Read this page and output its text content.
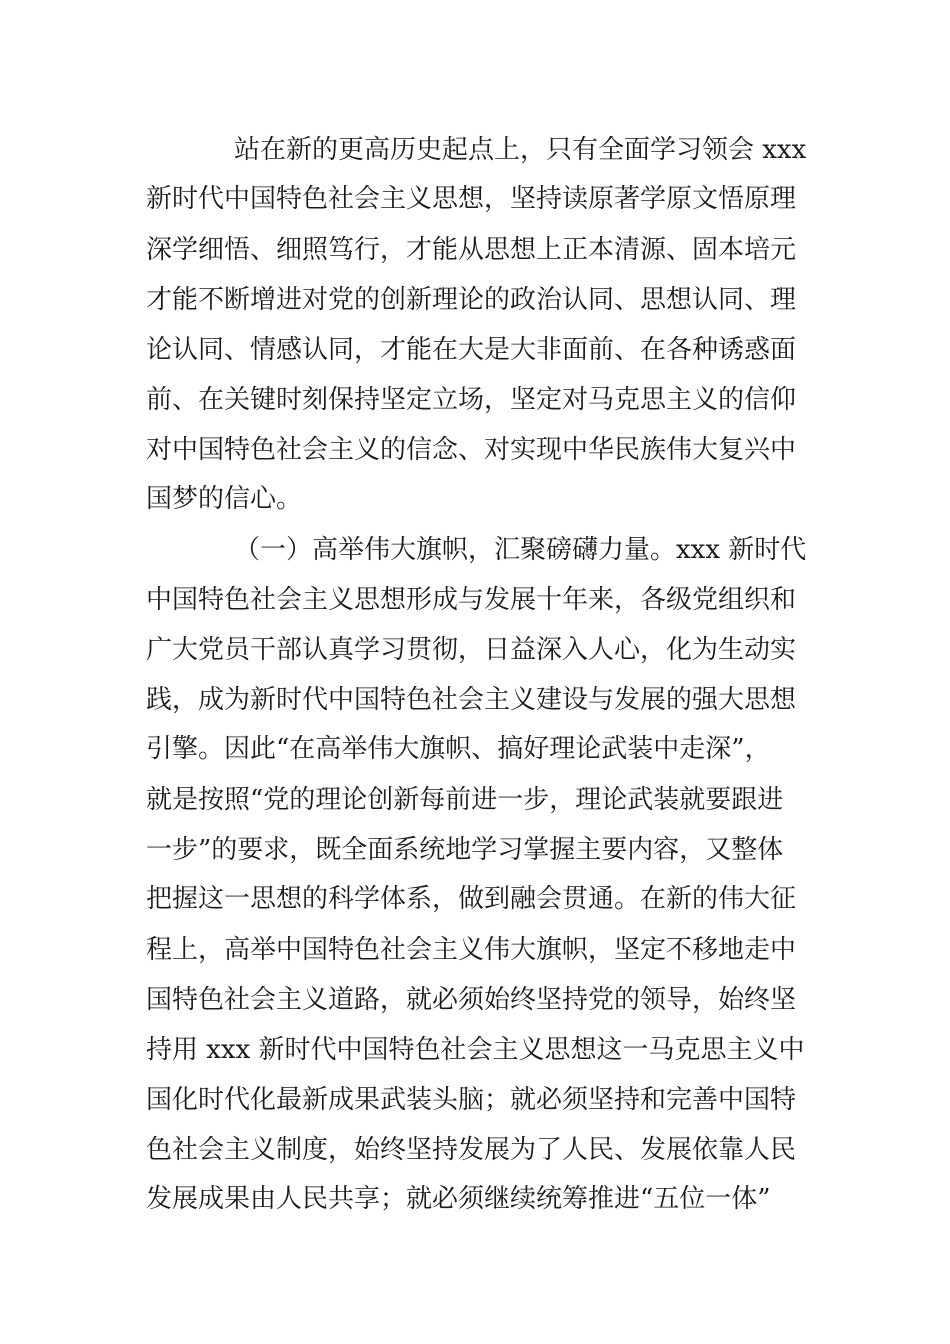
站在新的更高历史起点上，只有全面学习领会 xxx
新时代中国特色社会主义思想，坚持读原著学原文悟原理
深学细悟、细照笃行，才能从思想上正本清源、固本培元
才能不断增进对党的创新理论的政治认同、思想认同、理
论认同、情感认同，才能在大是大非面前、在各种诱惑面
前、在关键时刻保持坚定立场，坚定对马克思主义的信仰
对中国特色社会主义的信念、对实现中华民族伟大复兴中
国梦的信心。
（一）高举伟大旗帜，汇聚磅礴力量。xxx 新时代
中国特色社会主义思想形成与发展十年来，各级党组织和
广大党员干部认真学习贯彻，日益深入人心，化为生动实
践，成为新时代中国特色社会主义建设与发展的强大思想
引擎。因此“在高举伟大旗帜、搞好理论武装中走深”，
就是按照“党的理论创新每前进一步，理论武装就要跟进
一步”的要求，既全面系统地学习掌握主要内容，又整体
把握这一思想的科学体系，做到融会贯通。在新的伟大征
程上，高举中国特色社会主义伟大旗帜，坚定不移地走中
国特色社会主义道路，就必须始终坚持党的领导，始终坚
持用 xxx 新时代中国特色社会主义思想这一马克思主义中
国化时代化最新成果武装头脑；就必须坚持和完善中国特
色社会主义制度，始终坚持发展为了人民、发展依靠人民
发展成果由人民共享；就必须继续统筹推进“五位一体”
